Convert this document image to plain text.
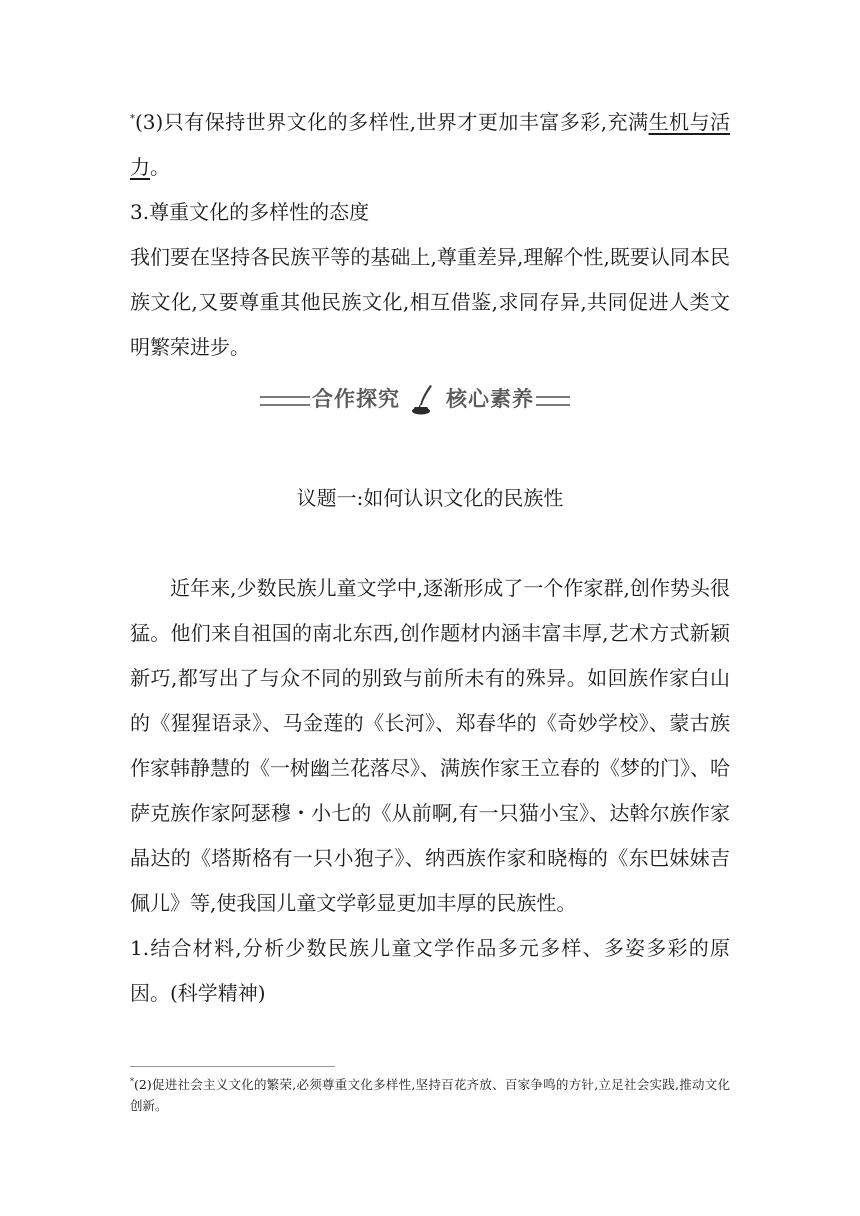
*(3)只有保持世界文化的多样性,世界才更加丰富多彩,充满生机与活力。

3.尊重文化的多样性的态度

我们要在坚持各民族平等的基础上,尊重差异,理解个性,既要认同本民族文化,又要尊重其他民族文化,相互借鉴,求同存异,共同促进人类文明繁荣进步。

合作探究 核心素养

议题一:如何认识文化的民族性

近年来,少数民族儿童文学中,逐渐形成了一个作家群,创作势头很猛。他们来自祖国的南北东西,创作题材内涵丰富丰厚,艺术方式新颖新巧,都写出了与众不同的别致与前所未有的殊异。如回族作家白山的《猩猩语录》、马金莲的《长河》、郑春华的《奇妙学校》、蒙古族作家韩静慧的《一树幽兰花落尽》、满族作家王立春的《梦的门》、哈萨克族作家阿瑟穆・小七的《从前啊,有一只猫小宝》、达斡尔族作家晶达的《塔斯格有一只小狍子》、纳西族作家和晓梅的《东巴妹妹吉佩儿》等,使我国儿童文学彰显更加丰厚的民族性。

1.结合材料,分析少数民族儿童文学作品多元多样、多姿多彩的原因。(科学精神)

*(2)促进社会主义文化的繁荣,必须尊重文化多样性,坚持百花齐放、百家争鸣的方针,立足社会实践,推动文化创新。
